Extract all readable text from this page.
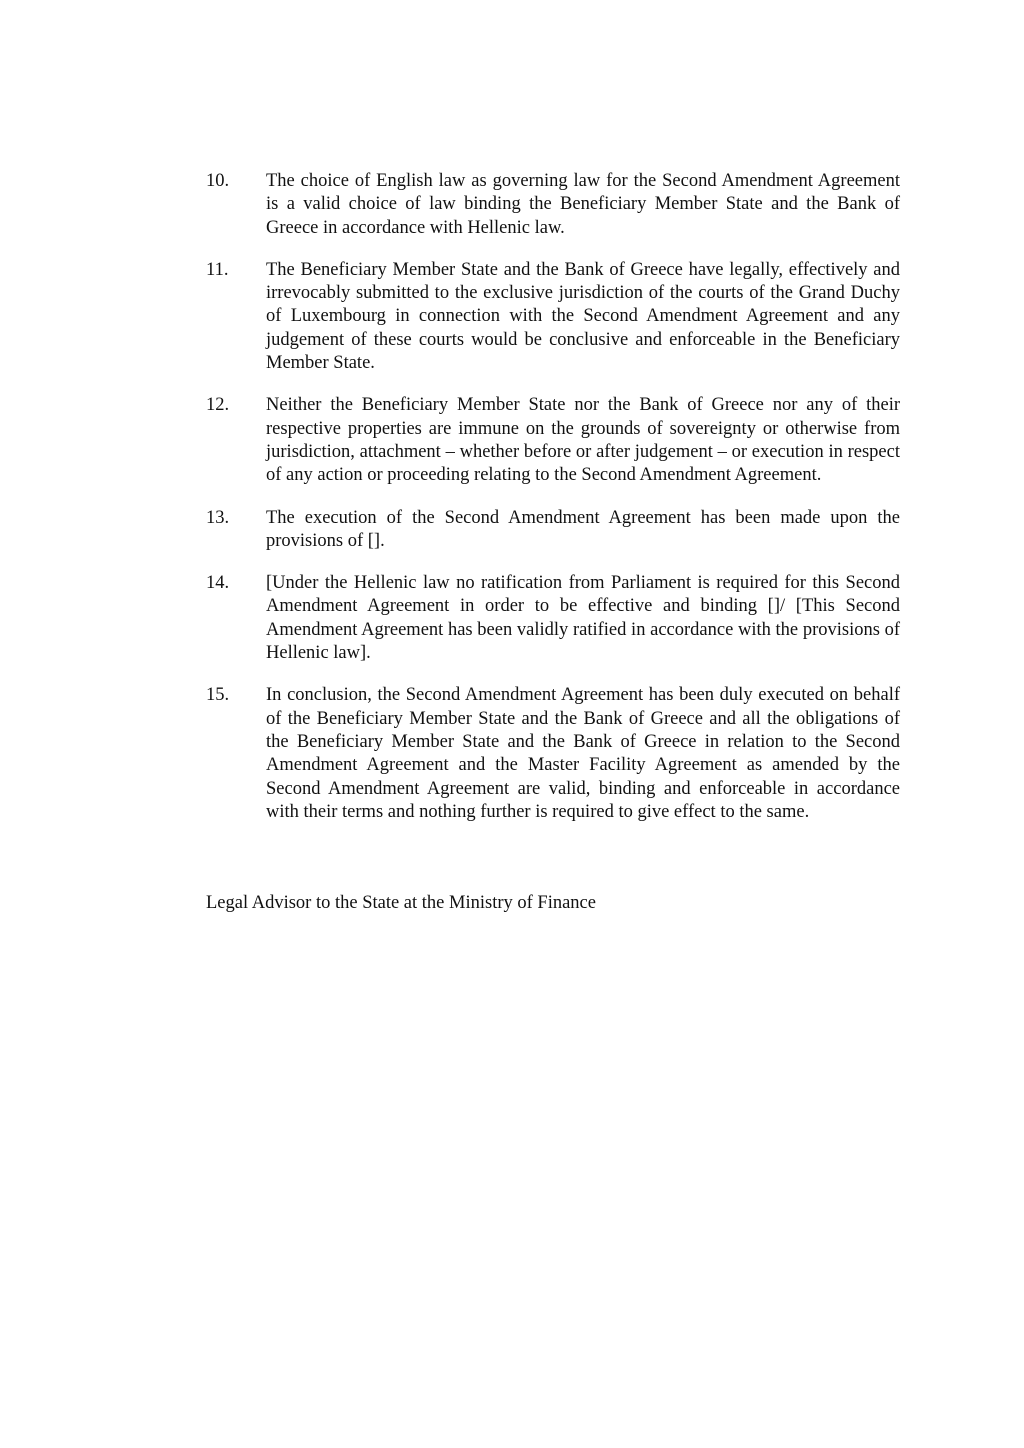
10.	The choice of English law as governing law for the Second Amendment Agreement is a valid choice of law binding the Beneficiary Member State and the Bank of Greece in accordance with Hellenic law.
11.	The Beneficiary Member State and the Bank of Greece have legally, effectively and irrevocably submitted to the exclusive jurisdiction of the courts of the Grand Duchy of Luxembourg in connection with the Second Amendment Agreement and any judgement of these courts would be conclusive and enforceable in the Beneficiary Member State.
12.	Neither the Beneficiary Member State nor the Bank of Greece nor any of their respective properties are immune on the grounds of sovereignty or otherwise from jurisdiction, attachment – whether before or after judgement – or execution in respect of any action or proceeding relating to the Second Amendment Agreement.
13.	The execution of the Second Amendment Agreement has been made upon the provisions of [].
14.	[Under the Hellenic law no ratification from Parliament is required for this Second Amendment Agreement in order to be effective and binding []/ [This Second Amendment Agreement has been validly ratified in accordance with the provisions of Hellenic law].
15.	In conclusion, the Second Amendment Agreement has been duly executed on behalf of the Beneficiary Member State and the Bank of Greece and all the obligations of the Beneficiary Member State and the Bank of Greece in relation to the Second Amendment Agreement and the Master Facility Agreement as amended by the Second Amendment Agreement are valid, binding and enforceable in accordance with their terms and nothing further is required to give effect to the same.
Legal Advisor to the State at the Ministry of Finance
